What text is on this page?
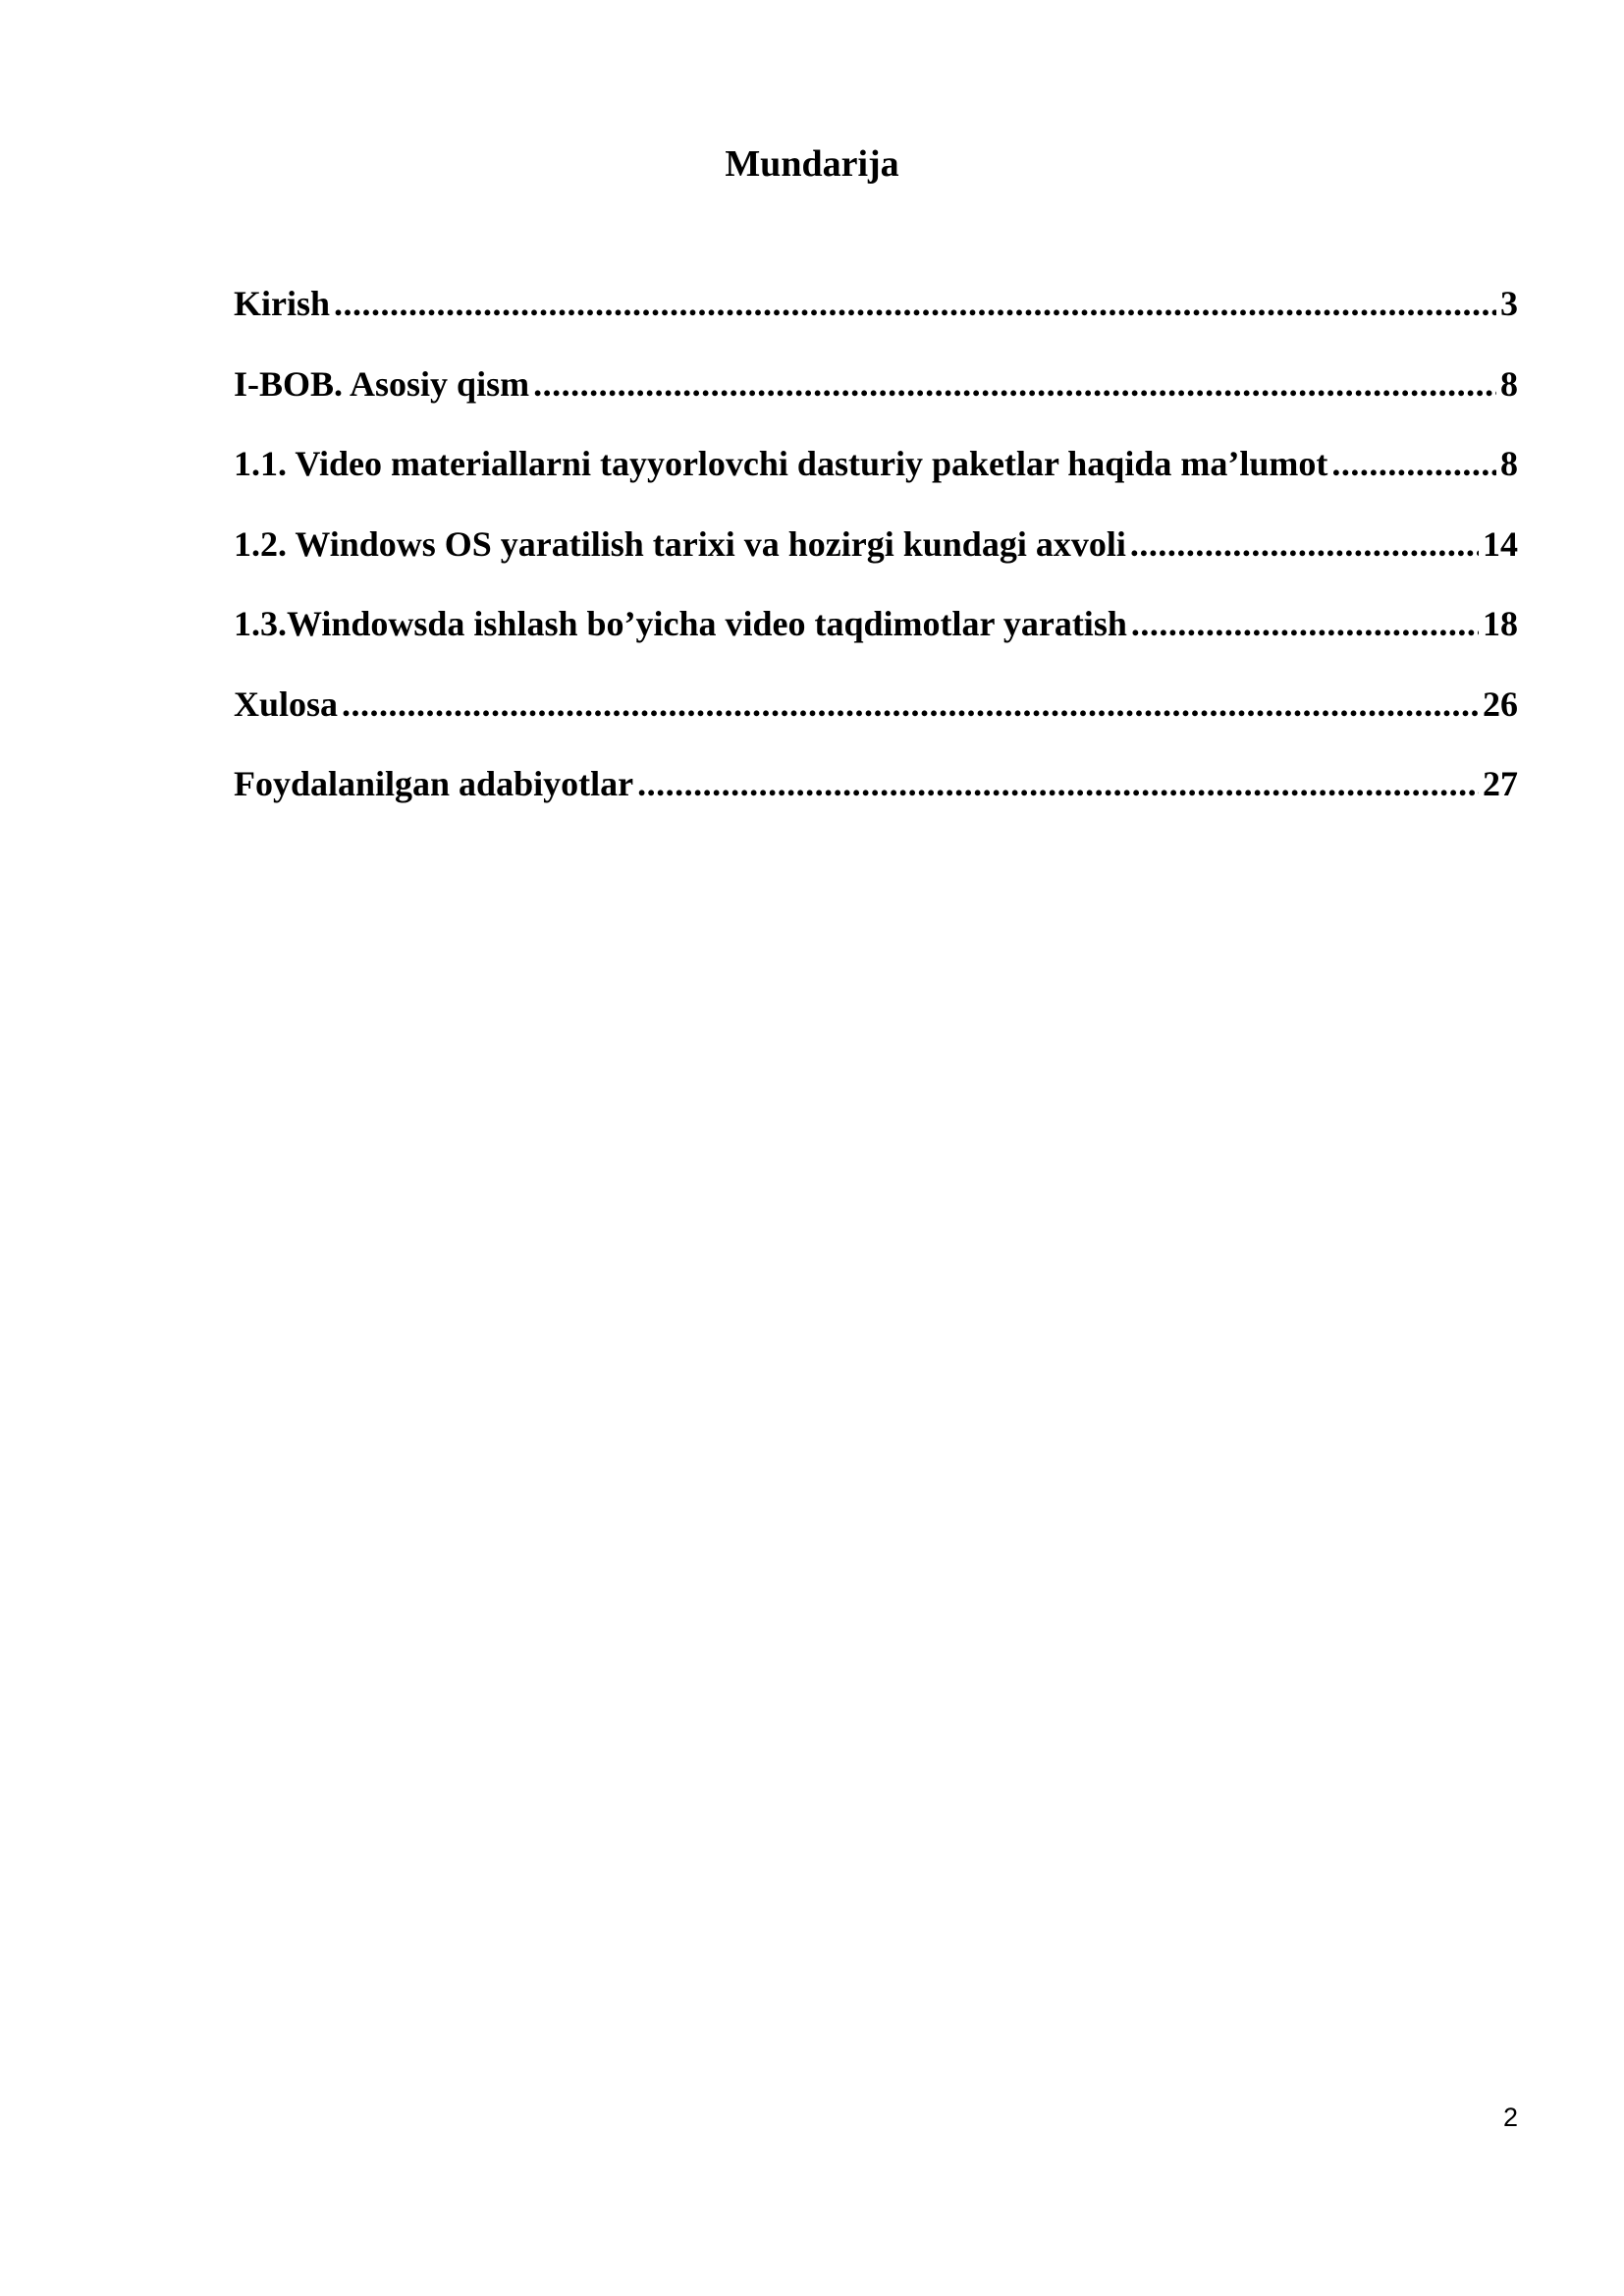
Mundarija
Kirish .....	3
I-BOB. Asosiy qism .....	8
1.1. Video materiallarni tayyorlovchi dasturiy paketlar haqida ma’lumot .....	8
1.2. Windows OS yaratilish tarixi va hozirgi kundagi axvoli .....	14
1.3.Windowsda ishlash bo’yicha video taqdimotlar yaratish .....	18
Xulosa .....	26
Foydalanilgan adabiyotlar .....	27
2
